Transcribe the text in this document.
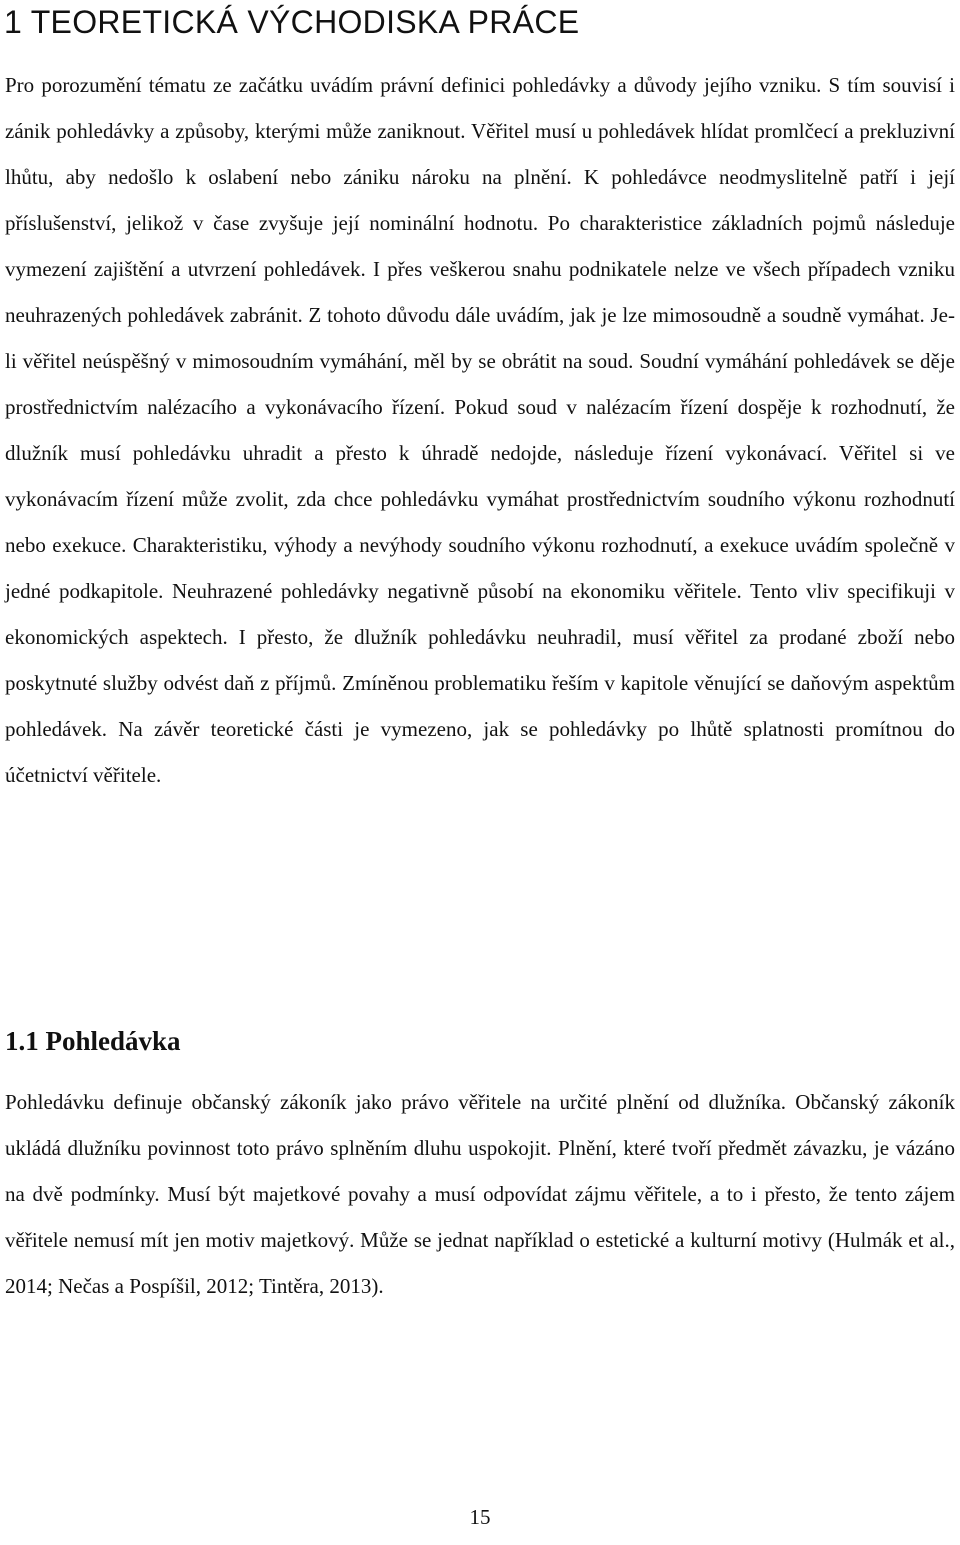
1 TEORETICKÁ VÝCHODISKA PRÁCE

Pro porozumění tématu ze začátku uvádím právní definici pohledávky a důvody jejího vzniku. S tím souvisí i zánik pohledávky a způsoby, kterými může zaniknout. Věřitel musí u pohledávek hlídat promlčecí a prekluzivní lhůtu, aby nedošlo k oslabení nebo zániku nároku na plnění. K pohledávce neodmyslitelně patří i její příslušenství, jelikož v čase zvyšuje její nominální hodnotu. Po charakteristice základních pojmů následuje vymezení zajištění a utvrzení pohledávek. I přes veškerou snahu podnikatele nelze ve všech případech vzniku neuhrazených pohledávek zabránit. Z tohoto důvodu dále uvádím, jak je lze mimosoudně a soudně vymáhat. Je-li věřitel neúspěšný v mimosoudním vymáhání, měl by se obrátit na soud. Soudní vymáhání pohledávek se děje prostřednictvím nalézacího a vykonávacího řízení. Pokud soud v nalézacím řízení dospěje k rozhodnutí, že dlužník musí pohledávku uhradit a přesto k úhradě nedojde, následuje řízení vykonávací. Věřitel si ve vykonávacím řízení může zvolit, zda chce pohledávku vymáhat prostřednictvím soudního výkonu rozhodnutí nebo exekuce. Charakteristiku, výhody a nevýhody soudního výkonu rozhodnutí, a exekuce uvádím společně v jedné podkapitole. Neuhrazené pohledávky negativně působí na ekonomiku věřitele. Tento vliv specifikuji v ekonomických aspektech. I přesto, že dlužník pohledávku neuhradil, musí věřitel za prodané zboží nebo poskytnuté služby odvést daň z příjmů. Zmíněnou problematiku řeším v kapitole věnující se daňovým aspektům pohledávek. Na závěr teoretické části je vymezeno, jak se pohledávky po lhůtě splatnosti promítnou do účetnictví věřitele.

1.1 Pohledávka

Pohledávku definuje občanský zákoník jako právo věřitele na určité plnění od dlužníka. Občanský zákoník ukládá dlužníku povinnost toto právo splněním dluhu uspokojit. Plnění, které tvoří předmět závazku, je vázáno na dvě podmínky. Musí být majetkové povahy a musí odpovídat zájmu věřitele, a to i přesto, že tento zájem věřitele nemusí mít jen motiv majetkový. Může se jednat například o estetické a kulturní motivy (Hulmák et al., 2014; Nečas a Pospíšil, 2012; Tintěra, 2013).

15
